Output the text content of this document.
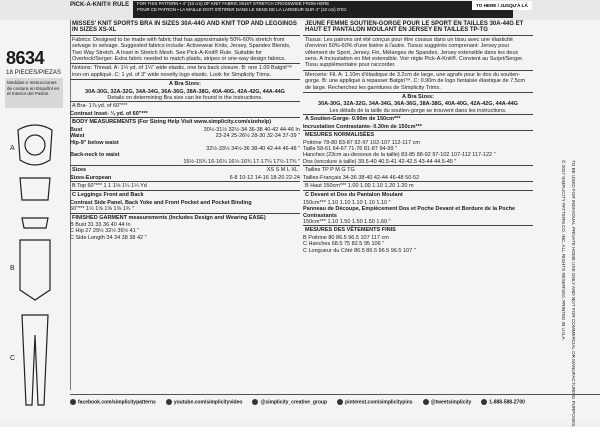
PICK-A-KNIT® RULE FOR THIS PATTERN • 4" (10 cm) OF KNIT FABRIC MUST STRETCH CROSSWISE FROM HERE
POUR CE PATRON • LA MAILLE DOIT S'ÉTIRER DANS LE SENS DE LA LARGEUR SUR 4" (10 cm) D'ICI
TO HERE / JUSQU'À LÀ
8634
18 PIECES/PIEZAS
Medidas e Instrucciones de costura en Español en el Interior del Patrón.
A
B
C
MISSES' KNIT SPORTS BRA IN SIZES 30A-44G AND KNIT TOP AND LEGGINGS IN SIZES XS-XL
Fabrics: Designed to be made with fabric that has approximately 50%-60% stretch from selvage to selvage. Suggested fabrics include: Activewear Knits, Jersey, Spandex Blends, Two Way Stretch. A Inset in Stretch Mesh. See Pick-A-Knit® Rule. Suitable for Overlock/Serger. Extra fabric needed to match plaids, stripes or one-way design fabrics.
Notions: Thread. A: 1¼ yd. of 1¼" wide elastic, one bra back closure. B: one 1.00 Batgirl™ iron-on appliqué. C: 1 yd. of 3" wide novelty logo elastic. Look for Simplicity Trims.
A Bra Sizes:
30A-30G, 32A-32G, 34A-34G, 36A-36G, 38A-38G, 40A-40G, 42A-42G, 44A-44G
Details on determining Bra size can be found in the instructions.
A Bra- 1⅞ yd. of 60"***
Contrast Inset- ¼ yd. of 60"***
BODY MEASUREMENTS (For Sizing Help Visit www.simplicity.com/sizehelp)
Bust	30½-31½ 32½-34 36-38 40-42 44-46 In
Waist	23-24 25-26½ 28-30 32-34 37-39 "
Hip-9" below waist
32½-33½ 34½-36 38-40 42-44 46-48 "
Back-neck to waist
15½-15¾ 16-16¼ 16½-16¾ 17-17¼ 17½-17¾ "
Sizes	XS S M L XL
Sizes-European	6-8 10-12 14-16 18-20 22-24
B Top 60"*** 1 1 1⅛ 1¼ 1¼ Yd
C Leggings Front and Back
Contrast Side Panel, Back Yoke and Front Pocket and Pocket Binding
60"*** 1½ 1⅝ 1⅝ 1⅝ 1¾ "
FINISHED GARMENT measurements (Includes Design and Wearing EASE)
B Bust 31 33 36 40 44 In
C Hip 27 29½ 32½ 36½ 41 "
C Side Length 34 34 38 38 42 "
JEUNE FEMME SOUTIEN-GORGE POUR LE SPORT EN TAILLES 30A-44G ET HAUT ET PANTALON MOULANT EN JERSEY EN TAILLES TP-TG
Tissus: Les patrons ont été conçus pour être cousus dans un tissu avec une élasticité d'environ 50%-60% d'une lisière à l'autre. Tissus suggérés comprenant: Jersey pour vêtement de Sport, Jersey, Fin, Mélanges de Spandex, Jersey extensible dans les deux sens. A Incrustation en filet extensible. Voir règle Pick-A-Knit®. Convient au Surjet/Serger. Tissu supplémentaire pour raccorder.
Mercerie: Fil. A: 1.10m d'élastique de 3.2cm de large, une agrafe pour le dos du soutien-gorge. B: une appliqué à repasser Batgirl™. C: 0.90m de logo fantaisie élastique de 7.5cm de large. Recherchez les garnitures de Simplicity Trims.
A Bra Sizes:
30A-30G, 32A-32G, 34A-34G, 36A-36G, 38A-38G, 40A-40G, 42A-42G, 44A-44G
Les détails de la taille du soutien-gorge se trouvent dans les instructions.
A Soutien-Gorge- 0.90m de 150cm***
Incrustation Contrastante- 0.30m de 150cm***
MESURES NORMALISÉES
Poitrine 78-80 83-87 92-97 102-107 112-117 cm
Taille 58-61 64-67 71-76 81-87 94-99 "
Hanches (23cm au-dessous de la taille) 83-85 88-92 97-102 107-112 117-122 "
Dos (encolure à taille) 39.5-40 40.5-41 42-42.5 43-44 44.5-45 "
Tailles TP P M G TG
Tailles-Français 34-36 38-40 42-44 46-48 50-52
B Haut 150cm*** 1.00 1.00 1.10 1.20 1.20 m
C Devant et Dos du Pantalon Moulant
150cm*** 1.10 1.10 1.10 1.10 1.10 "
Panneau de Découpe, Empiècement Dos et Poche Devant et Bordure de la Poche Contrastants
150cm*** 1.10 1.50 1.50 1.50 1.60 "
MESURES DES VÊTEMENTS FINIS
B Poitrine 80 86.5 96.5 107 117 cm
C Hanches 68.5 75 82.5 95 106 "
C Longueur du Côté 86.5 86.5 96.5 96.5 107 "	© 2017 SIMPLICITY PATTERN CO. INC. ALL RIGHTS RESERVED. PRINTED IN U.S.A. TO BE USED FOR INDIVIDUAL PRIVATE HOME USE ONLY AND NOT FOR COMMERCIAL OR MANUFACTURING PURPOSES.
facebook.com/simplicitypatterns	youtube.com/simplicityvideo	@simplicity_creative_group	pinterest.com/simplicitypins	@tweetsimplicity	1-888-588-2700
